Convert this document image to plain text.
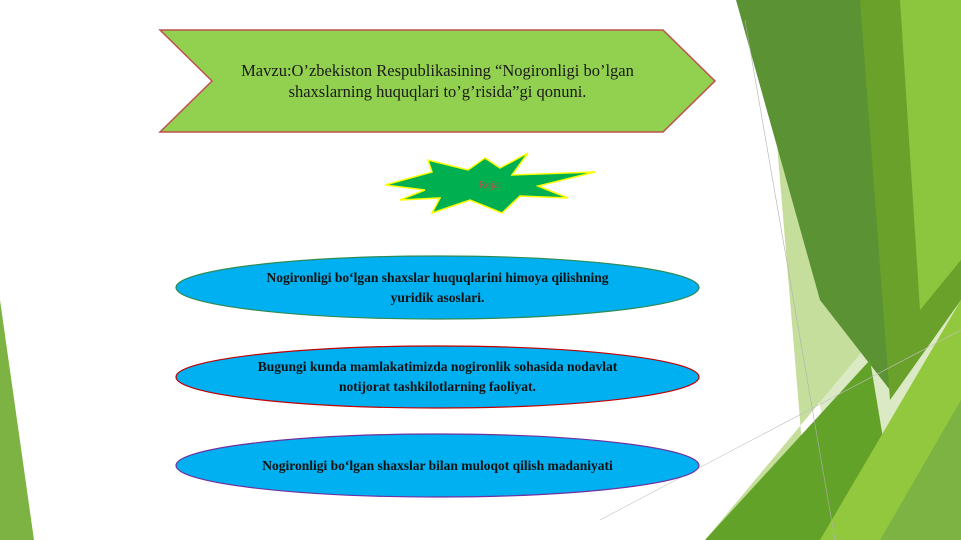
Mavzu:O’zbekiston Respublikasining “Nogironligi bo’lgan shaxslarning huquqlari to’g’risida”gi qonuni.
Reja:
Nogironligi bo‘lgan shaxslar huquqlarini himoya qilishning yuridik asoslari.
Bugungi kunda mamlakatimizda nogironlik sohasida nodavlat notijorat tashkilotlarning faoliyat.
Nogironligi bo‘lgan shaxslar bilan muloqot qilish madaniyati
